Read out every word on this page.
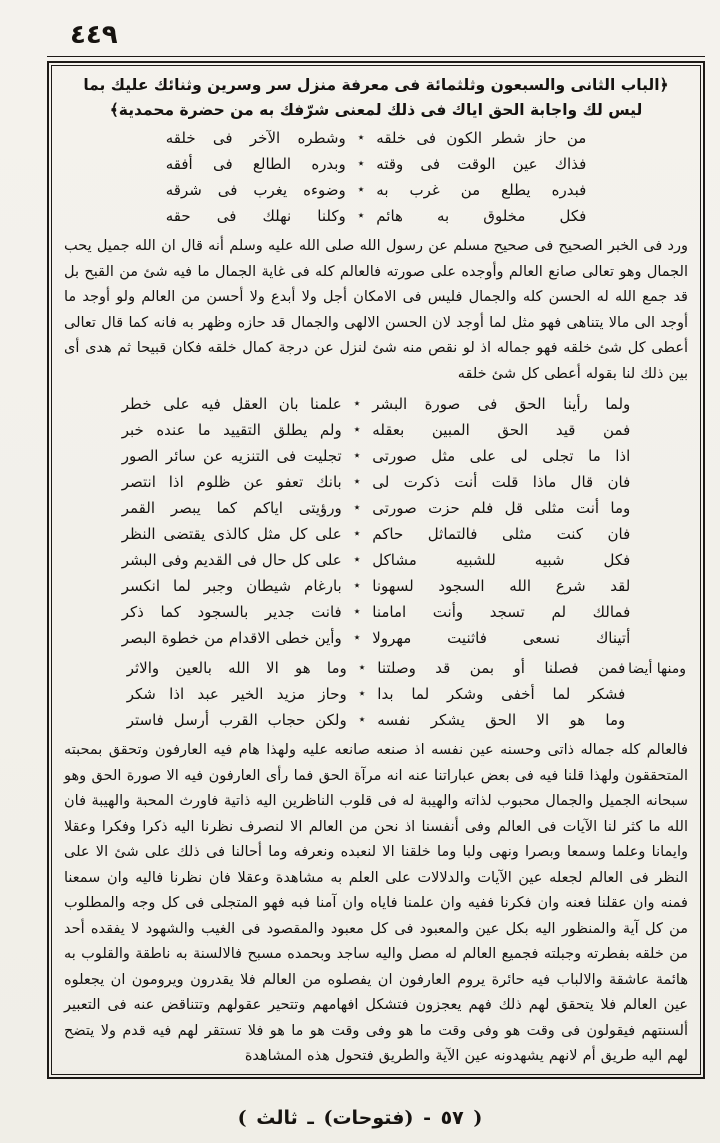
٤٤٩
﴿الباب الثانى والسبعون وثلثمائة فى معرفة منزل سر وسرين وثنائك عليك بما ليس لك واجابة الحق اياك فى ذلك لمعنى شرّفك به من حضرة محمدية﴾
من حاز شطر الكون فى خلقه
٭
وشطره الآخر فى خلقه
فذاك عين الوقت فى وقته
٭
وبدره الطالع فى أفقه
فبدره يطلع من غرب به
٭
وضوءه يغرب فى شرقه
فكل مخلوق به هائم
٭
وكلنا نهلك فى حقه

ورد فى الخبر الصحيح فى صحيح مسلم عن رسول الله صلى الله عليه وسلم أنه قال ان الله جميل يحب الجمال وهو تعالى صانع العالم وأوجده على صورته فالعالم كله فى غاية الجمال ما فيه شئ من القبح بل قد جمع الله له الحسن كله والجمال فليس فى الامكان أجل ولا أبدع ولا أحسن من العالم ولو أوجد ما أوجد الى مالا يتناهى فهو مثل لما أوجد لان الحسن الالهى والجمال قد حازه وظهر به فانه كما قال تعالى أعطى كل شئ خلقه فهو جماله اذ لو نقص منه شئ لنزل عن درجة كمال خلقه فكان قبيحا ثم هدى أى بين ذلك لنا بقوله أعطى كل شئ خلقه

ولما رأينا الحق فى صورة البشر
٭
علمنا بان العقل فيه على خطر
فمن قيد الحق المبين بعقله
٭
ولم يطلق التقييد ما عنده خبر
اذا ما تجلى لى على مثل صورتى
٭
تجليت فى التنزيه عن سائر الصور
فان قال ماذا قلت أنت ذكرت لى
٭
بانك تعفو عن ظلوم اذا انتصر
وما أنت مثلى قل فلم حزت صورتى
٭
ورؤيتى اياكم كما يبصر القمر
فان كنت مثلى فالتماثل حاكم
٭
على كل مثل كالذى يقتضى النظر
فكل شبيه للشبيه مشاكل
٭
على كل حال فى القديم وفى البشر
لقد شرع الله السجود لسهونا
٭
بارغام شيطان وجبر لما انكسر
فمالك لم تسجد وأنت امامنا
٭
فانت جدير بالسجود كما ذكر
أتيناك نسعى فاثنيت مهرولا
٭
وأين خطى الاقدام من خطوة البصر
ومنها أيضا
فمن فصلنا أو بمن قد وصلتنا
٭
وما هو الا الله بالعين والاثر
فشكر لما أخفى وشكر لما بدا
٭
وحاز مزيد الخير عبد اذا شكر
وما هو الا الحق يشكر نفسه
٭
ولكن حجاب القرب أرسل فاستر

فالعالم كله جماله ذاتى وحسنه عين نفسه اذ صنعه صانعه عليه ولهذا هام فيه العارفون وتحقق بمحبته المتحققون ولهذا قلنا فيه فى بعض عباراتنا عنه انه مرآة الحق فما رأى العارفون فيه الا صورة الحق وهو سبحانه الجميل والجمال محبوب لذاته والهيبة له فى قلوب الناظرين اليه ذاتية فاورث المحبة والهيبة فان الله ما كثر لنا الآيات فى العالم وفى أنفسنا اذ نحن من العالم الا لنصرف نظرنا اليه ذكرا وفكرا وعقلا وايمانا وعلما وسمعا وبصرا ونهى ولبا وما خلقنا الا لنعبده ونعرفه وما أحالنا فى ذلك على شئ الا على النظر فى العالم لجعله عين الآيات والدلالات على العلم به مشاهدة وعقلا فان نظرنا فاليه وان سمعنا فمنه وان عقلنا فعنه وان فكرنا ففيه وان علمنا فاياه وان آمنا فبه فهو المتجلى فى كل وجه والمطلوب من كل آية والمنظور اليه بكل عين والمعبود فى كل معبود والمقصود فى الغيب والشهود لا يفقده أحد من خلقه بفطرته وجبلته فجميع العالم له مصل واليه ساجد وبحمده مسبح فالالسنة به ناطقة والقلوب به هائمة عاشقة والالباب فيه حائرة يروم العارفون ان يفصلوه من العالم فلا يقدرون ويرومون ان يجعلوه عين العالم فلا يتحقق لهم ذلك فهم يعجزون فتشكل افهامهم وتتحير عقولهم وتتناقض عنه فى التعبير ألسنتهم فيقولون فى وقت هو وفى وقت ما هو وفى وقت هو ما هو فلا تستقر لهم فيه قدم ولا يتضح لهم اليه طريق أم لانهم يشهدونه عين الآية والطريق فتحول هذه المشاهدة

( ٥٧ - (فتوحات) ـ ثالث )
